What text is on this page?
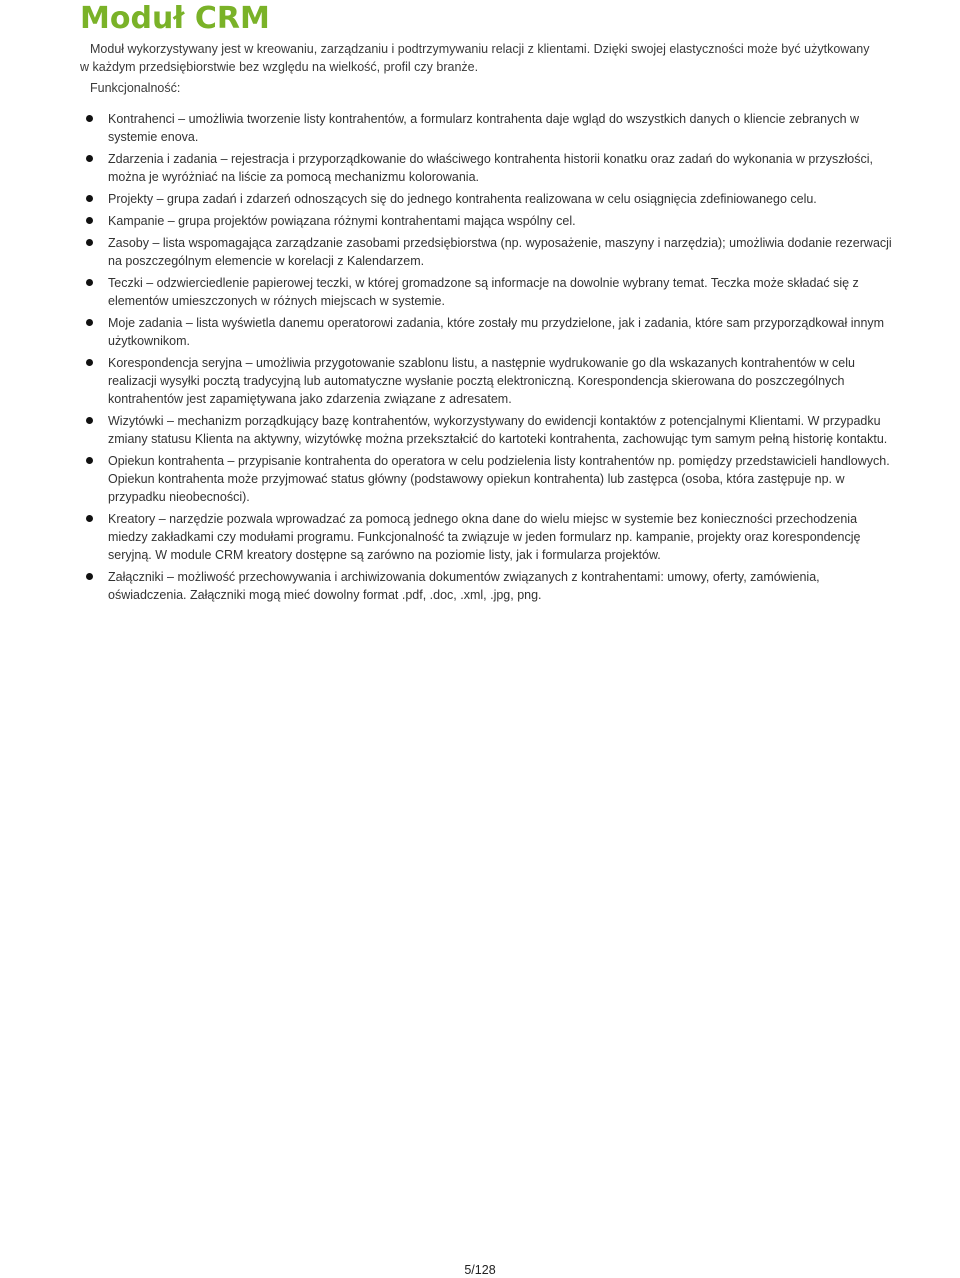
Moduł CRM

Moduł wykorzystywany jest w kreowaniu, zarządzaniu i podtrzymywaniu relacji z klientami. Dzięki swojej elastyczności może być użytkowany w każdym przedsiębiorstwie bez względu na wielkość, profil czy branże.

Funkcjonalność:

Kontrahenci – umożliwia tworzenie listy kontrahentów, a formularz kontrahenta daje wgląd do wszystkich danych o kliencie zebranych w systemie enova.
Zdarzenia i zadania – rejestracja i przyporządkowanie do właściwego kontrahenta historii konatku oraz zadań do wykonania w przyszłości, można je wyróżniać na liście za pomocą mechanizmu kolorowania.
Projekty – grupa zadań i zdarzeń odnoszących się do jednego kontrahenta realizowana w celu osiągnięcia zdefiniowanego celu.
Kampanie – grupa projektów powiązana różnymi kontrahentami mająca wspólny cel.
Zasoby – lista wspomagająca zarządzanie zasobami przedsiębiorstwa (np. wyposażenie, maszyny i narzędzia); umożliwia dodanie rezerwacji na poszczególnym elemencie w korelacji z Kalendarzem.
Teczki – odzwierciedlenie papierowej teczki, w której gromadzone są informacje na dowolnie wybrany temat. Teczka może składać się z elementów umieszczonych w różnych miejscach w systemie.
Moje zadania – lista wyświetla danemu operatorowi zadania, które zostały mu przydzielone, jak i zadania, które sam przyporządkował innym użytkownikom.
Korespondencja seryjna – umożliwia przygotowanie szablonu listu, a następnie wydrukowanie go dla wskazanych kontrahentów w celu realizacji wysyłki pocztą tradycyjną lub automatyczne wysłanie pocztą elektroniczną. Korespondencja skierowana do poszczególnych kontrahentów jest zapamiętywana jako zdarzenia związane z adresatem.
Wizytówki – mechanizm porządkujący bazę kontrahentów, wykorzystywany do ewidencji kontaktów z potencjalnymi Klientami. W przypadku zmiany statusu Klienta na aktywny, wizytówkę można przekształcić do kartoteki kontrahenta, zachowując tym samym pełną historię kontaktu.
Opiekun kontrahenta – przypisanie kontrahenta do operatora w celu podzielenia listy kontrahentów np. pomiędzy przedstawicieli handlowych. Opiekun kontrahenta może przyjmować status główny (podstawowy opiekun kontrahenta) lub zastępca (osoba, która zastępuje np. w przypadku nieobecności).
Kreatory – narzędzie pozwala wprowadzać za pomocą jednego okna dane do wielu miejsc w systemie bez konieczności przechodzenia miedzy zakładkami czy modułami programu. Funkcjonalność ta związuje w jeden formularz np. kampanie, projekty oraz korespondencję seryjną. W module CRM kreatory dostępne są zarówno na poziomie listy, jak i formularza projektów.
Załączniki – możliwość przechowywania i archiwizowania dokumentów związanych z kontrahentami: umowy, oferty, zamówienia, oświadczenia. Załączniki mogą mieć dowolny format .pdf, .doc, .xml, .jpg, png.
5/128
